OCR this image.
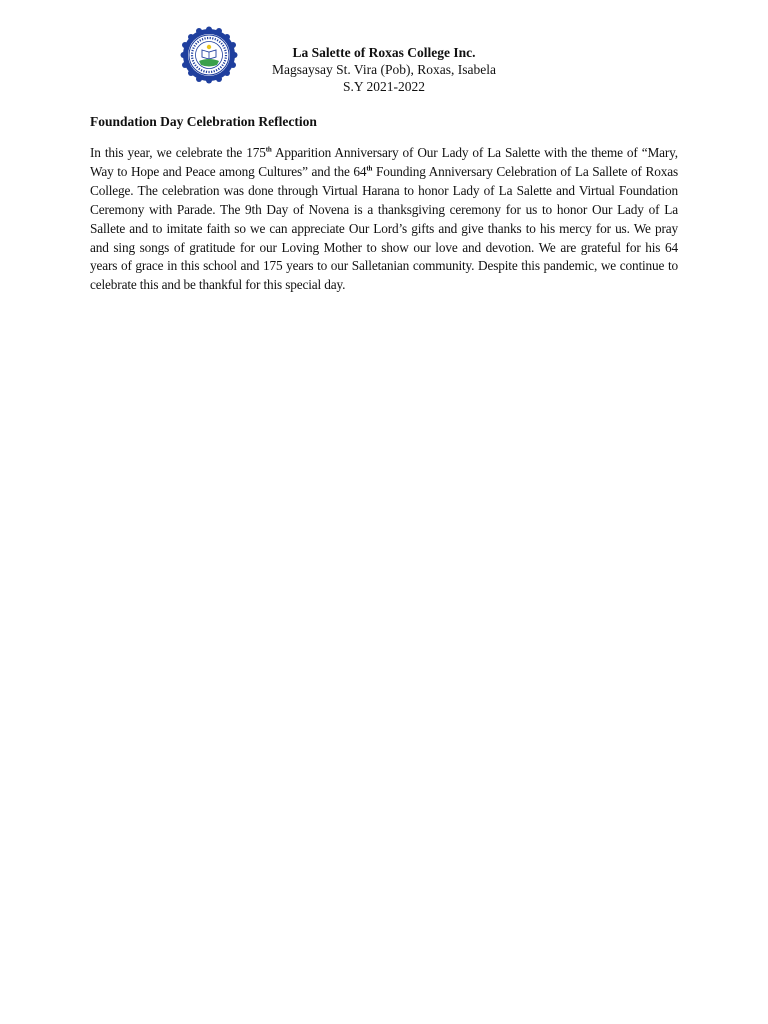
La Salette of Roxas College Inc.
Magsaysay St. Vira (Pob), Roxas, Isabela
S.Y 2021-2022
Foundation Day Celebration Reflection
In this year, we celebrate the 175th Apparition Anniversary of Our Lady of La Salette with the theme of “Mary, Way to Hope and Peace among Cultures” and the 64th Founding Anniversary Celebration of La Sallete of Roxas College. The celebration was done through Virtual Harana to honor Lady of La Salette and Virtual Foundation Ceremony with Parade. The 9th Day of Novena is a thanksgiving ceremony for us to honor Our Lady of La Sallete and to imitate faith so we can appreciate Our Lord’s gifts and give thanks to his mercy for us. We pray and sing songs of gratitude for our Loving Mother to show our love and devotion. We are grateful for his 64 years of grace in this school and 175 years to our Salletanian community. Despite this pandemic, we continue to celebrate this and be thankful for this special day.
